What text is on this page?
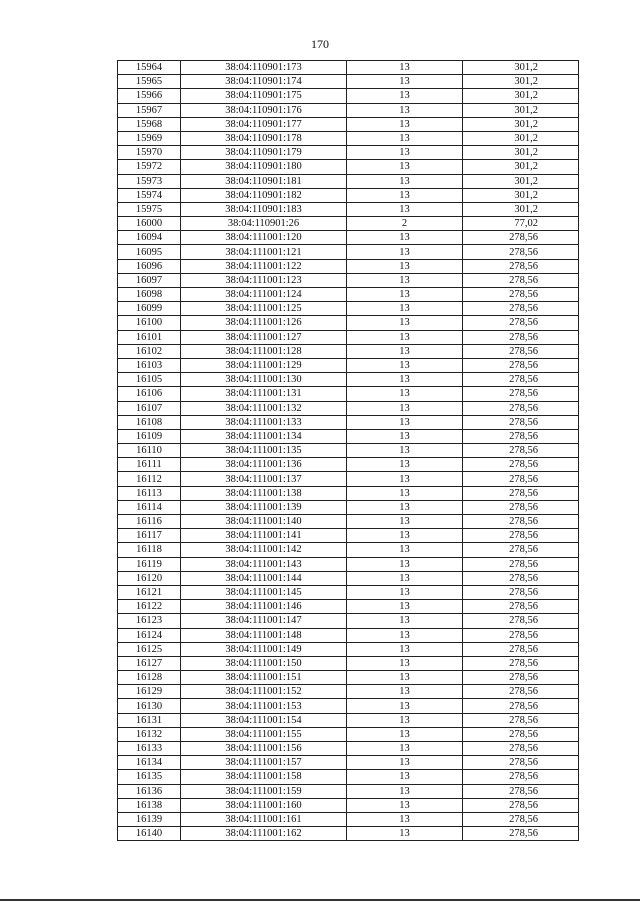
170
15964	38:04:110901:173	13	301,2
15965	38:04:110901:174	13	301,2
15966	38:04:110901:175	13	301,2
15967	38:04:110901:176	13	301,2
15968	38:04:110901:177	13	301,2
15969	38:04:110901:178	13	301,2
15970	38:04:110901:179	13	301,2
15972	38:04:110901:180	13	301,2
15973	38:04:110901:181	13	301,2
15974	38:04:110901:182	13	301,2
15975	38:04:110901:183	13	301,2
16000	38:04:110901:26	2	77,02
16094	38:04:111001:120	13	278,56
16095	38:04:111001:121	13	278,56
16096	38:04:111001:122	13	278,56
16097	38:04:111001:123	13	278,56
16098	38:04:111001:124	13	278,56
16099	38:04:111001:125	13	278,56
16100	38:04:111001:126	13	278,56
16101	38:04:111001:127	13	278,56
16102	38:04:111001:128	13	278,56
16103	38:04:111001:129	13	278,56
16105	38:04:111001:130	13	278,56
16106	38:04:111001:131	13	278,56
16107	38:04:111001:132	13	278,56
16108	38:04:111001:133	13	278,56
16109	38:04:111001:134	13	278,56
16110	38:04:111001:135	13	278,56
16111	38:04:111001:136	13	278,56
16112	38:04:111001:137	13	278,56
16113	38:04:111001:138	13	278,56
16114	38:04:111001:139	13	278,56
16116	38:04:111001:140	13	278,56
16117	38:04:111001:141	13	278,56
16118	38:04:111001:142	13	278,56
16119	38:04:111001:143	13	278,56
16120	38:04:111001:144	13	278,56
16121	38:04:111001:145	13	278,56
16122	38:04:111001:146	13	278,56
16123	38:04:111001:147	13	278,56
16124	38:04:111001:148	13	278,56
16125	38:04:111001:149	13	278,56
16127	38:04:111001:150	13	278,56
16128	38:04:111001:151	13	278,56
16129	38:04:111001:152	13	278,56
16130	38:04:111001:153	13	278,56
16131	38:04:111001:154	13	278,56
16132	38:04:111001:155	13	278,56
16133	38:04:111001:156	13	278,56
16134	38:04:111001:157	13	278,56
16135	38:04:111001:158	13	278,56
16136	38:04:111001:159	13	278,56
16138	38:04:111001:160	13	278,56
16139	38:04:111001:161	13	278,56
16140	38:04:111001:162	13	278,56
